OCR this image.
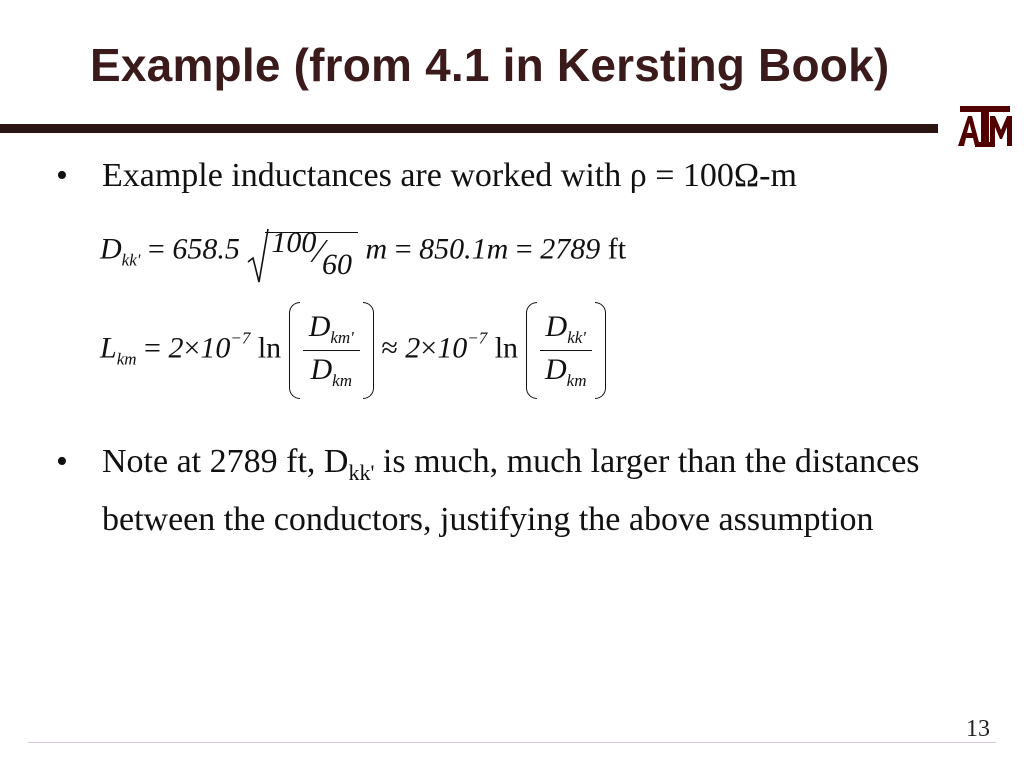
Example (from 4.1 in Kersting Book)
• Example inductances are worked with ρ = 100Ω-m
$D_{kk'} = 658.5$ 100⁄60 m = 850.1m = 2789 ft
$L_{km} = 2\times 10^{-7}$ $\ln \frac{D_{km'}}{D_{km}} \approx 2\times 10^{-7}$ $\ln \frac{D_{kk'}}{D_{km}}$
• Note at 2789 ft, $D_{kk'}$ is much, much larger than the distances between the conductors, justifying the above assumption
13
